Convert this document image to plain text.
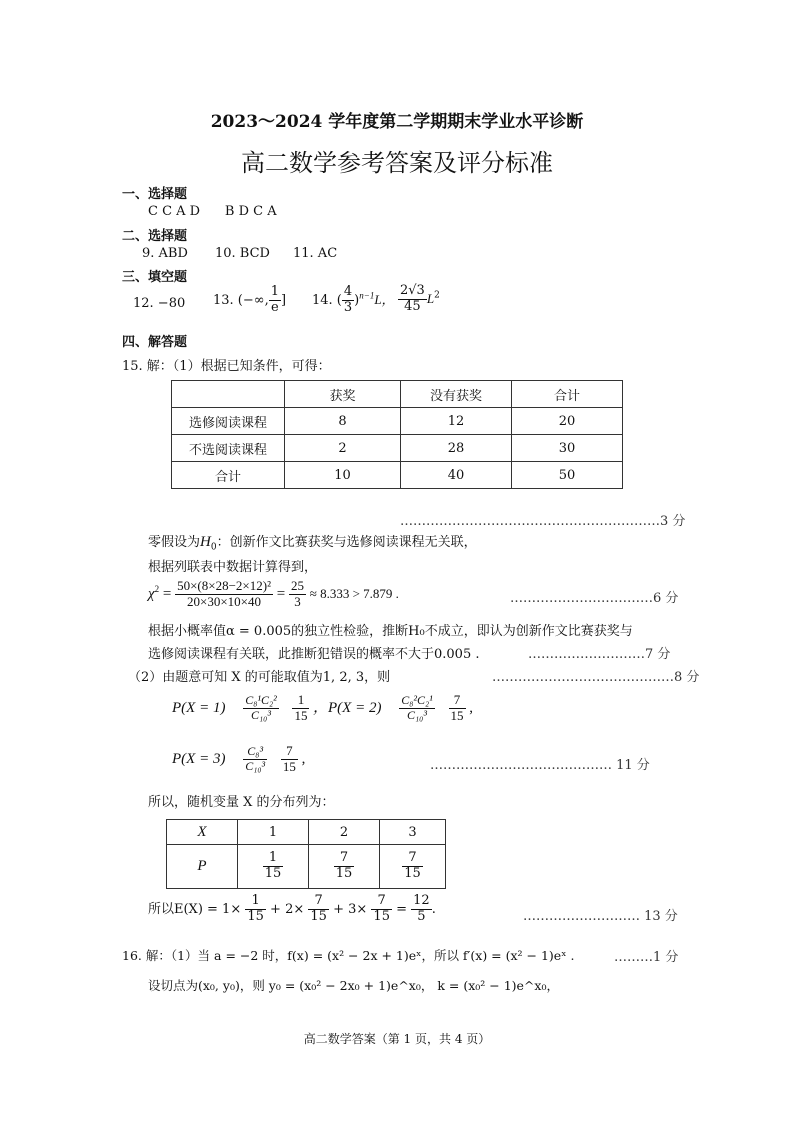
2023～2024 学年度第二学期期末学业水平诊断
高二数学参考答案及评分标准
一、选择题
C C A D      B D C A
二、选择题
9. ABD 10. BCD 11. AC
三、填空题
12. −80 13. (−∞, $\frac{1}{e}$ ] 14. ( $\frac{4}{3} )^{n-1}L$， $\frac{2√3}{45} L^2$
四、解答题
15. 解：（1）根据已知条件，可得：
	获奖	没有获奖	合计
选修阅读课程	8	12	20
不选阅读课程	2	28	30
合计	10	40	50
……………………………………………………3 分
零假设为$H_0$：创新作文比赛获奖与选修阅读课程无关联，
根据列联表中数据计算得到，
$\chi^2 = \frac{\text{50×(8×28−2×12)²}}{20\times 30\times 10\times 40} = \frac{25}{3} \approx 8.333 > 7.879$ .	……………………………6 分
根据小概率值α = 0.005的独立性检验，推断H₀不成立，即认为创新作文比赛获奖与
选修阅读课程有关联，此推断犯错误的概率不大于0.005 .	………………………7 分
（2）由题意可知 X 的可能取值为1, 2, 3，则	……………………………………8 分
$P(X = 1) \frac{\text{C₈¹C₂²}}{\text{C₁₀³}}$
$\frac{1}{15}$ ，$P(X = 2) \frac{\text{C₈²C₂¹}}{\text{C₁₀³}}$
$\frac{7}{15}$ ,
$P(X = 3) \frac{\text{C₈³}}{\text{C₁₀³}}$
$\frac{7}{15}$ ,	…………………………………… 11 分
所以，随机变量 X 的分布列为：
X	1	2	3
P	$\frac{1}{15}$	$\frac{7}{15}$	$\frac{7}{15}$
所以$E(X) = 1\times \frac{1}{15} + 2\times \frac{7}{15} + 3\times \frac{7}{15} = \frac{12}{5}$ .	……………………… 13 分
16. 解：（1）当 a = −2 时，f(x) = (x² − 2x + 1)eˣ，所以 f′(x) = (x² − 1)eˣ .	………1 分
设切点为(x₀, y₀)，则 y₀ = (x₀² − 2x₀ + 1)e^x₀， k = (x₀² − 1)e^x₀，
高二数学答案（第 1 页，共 4 页）
